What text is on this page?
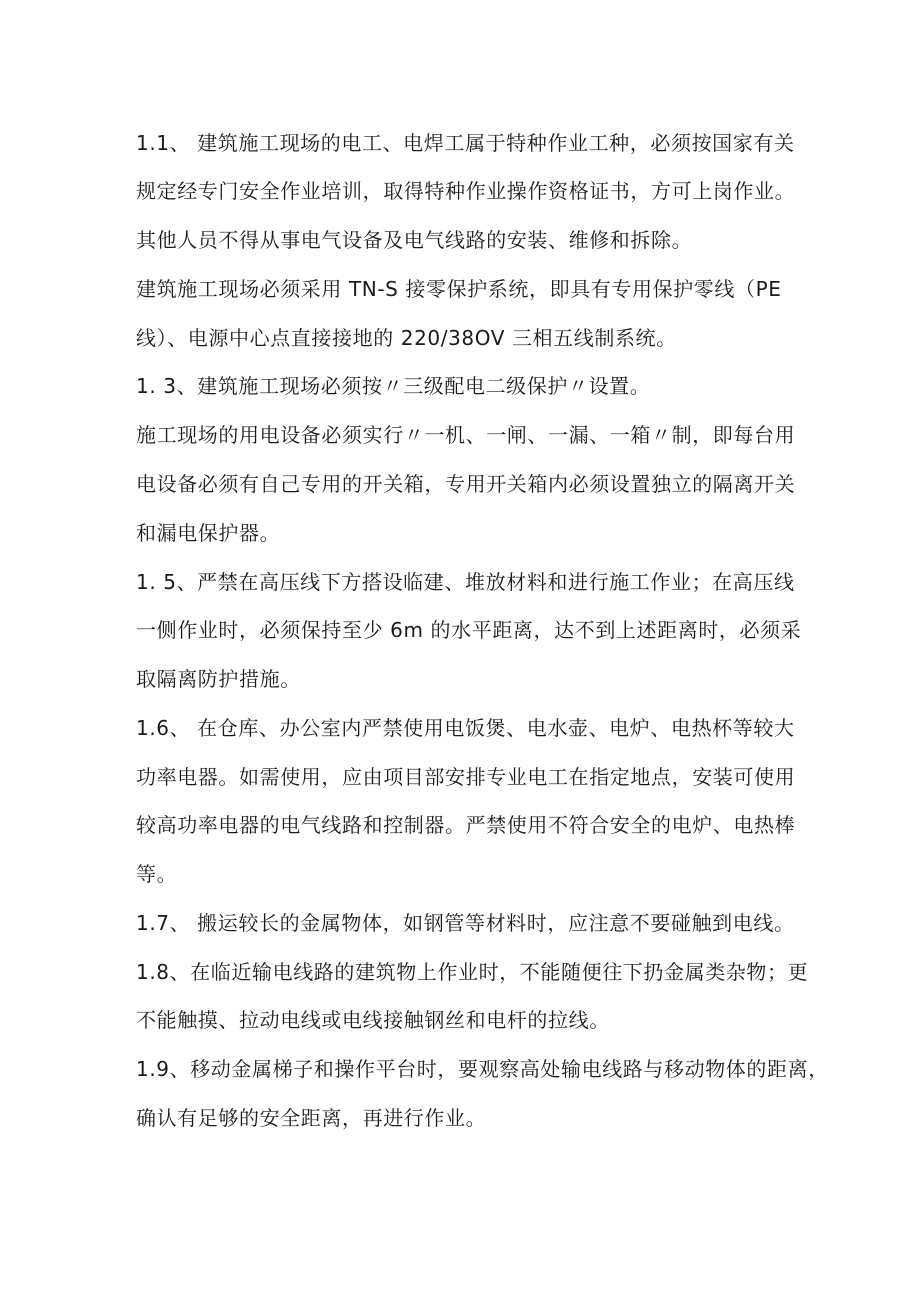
1.1、 建筑施工现场的电工、电焊工属于特种作业工种，必须按国家有关
规定经专门安全作业培训，取得特种作业操作资格证书，方可上岗作业。
其他人员不得从事电气设备及电气线路的安装、维修和拆除。
建筑施工现场必须采用 TN-S 接零保护系统，即具有专用保护零线（PE
线）、电源中心点直接接地的 220/38OV 三相五线制系统。
1. 3、建筑施工现场必须按〃三级配电二级保护〃设置。
施工现场的用电设备必须实行〃一机、一闸、一漏、一箱〃制，即每台用
电设备必须有自己专用的开关箱，专用开关箱内必须设置独立的隔离开关
和漏电保护器。
1. 5、严禁在高压线下方搭设临建、堆放材料和进行施工作业；在高压线
一侧作业时，必须保持至少 6m 的水平距离，达不到上述距离时，必须采
取隔离防护措施。
1.6、 在仓库、办公室内严禁使用电饭煲、电水壶、电炉、电热杯等较大
功率电器。如需使用，应由项目部安排专业电工在指定地点，安装可使用
较高功率电器的电气线路和控制器。严禁使用不符合安全的电炉、电热棒
等。
1.7、 搬运较长的金属物体，如钢管等材料时，应注意不要碰触到电线。
1.8、在临近输电线路的建筑物上作业时，不能随便往下扔金属类杂物；更
不能触摸、拉动电线或电线接触钢丝和电杆的拉线。
1.9、移动金属梯子和操作平台时，要观察高处输电线路与移动物体的距离，
确认有足够的安全距离，再进行作业。
